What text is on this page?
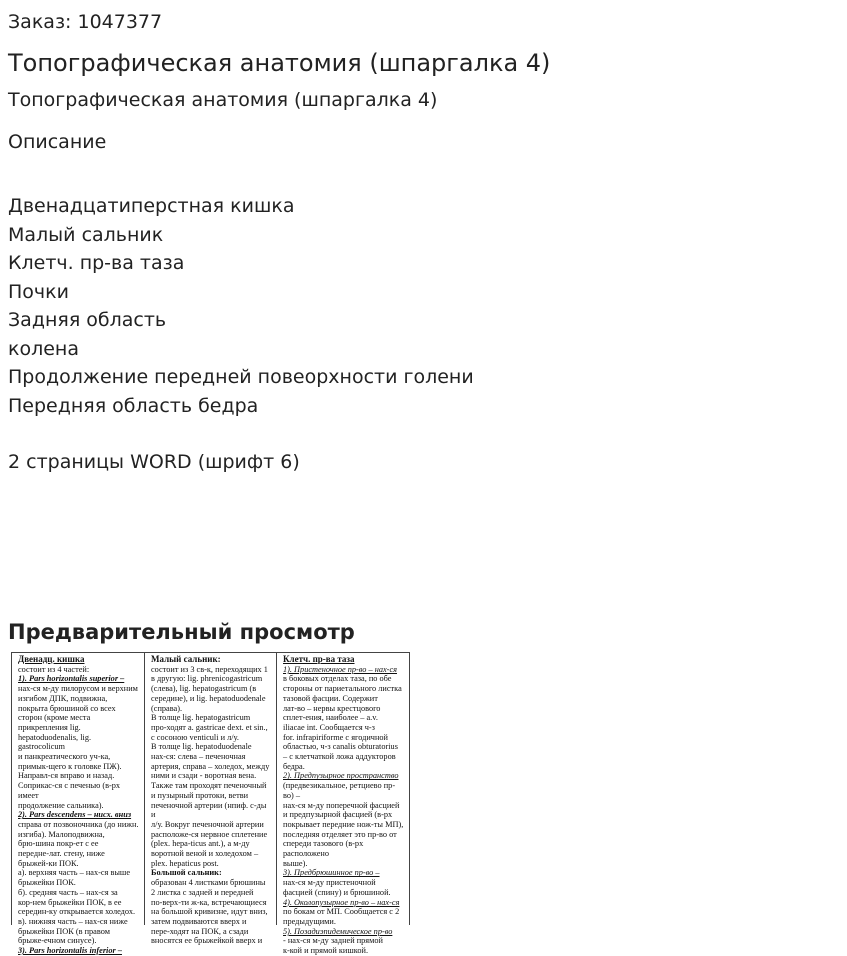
Заказ: 1047377
Топографическая анатомия (шпаргалка 4)
Топографическая анатомия (шпаргалка 4)
Описание
Двенадцатиперстная кишка
Малый сальник
Клетч. пр-ва таза
Почки
Задняя область
колена
Продолжение передней повеорхности голени
Передняя область бедра
2 страницы WORD (шрифт 6)
Предварительный просмотр

Двенадц. кишка

состоит из 4 частей:

1). Pars horizontalis superior –

нах-ся м-ду пилорусом и верхним

изгибом ДПК, подвижна,

покрыта брюшиной со всех

сторон (кроме места

прикрепления lig.

hepatoduodenalis, lig. gastrocolicum

и панкреатического уч-ка,

примык-щего к головке ПЖ).

Направл-ся вправо и назад.

Соприкас-ся с печенью (в-рх имеет

продолжение сальника).

2). Pars descendens – нисх. вниз

справа от позвоночника (до нижн.

изгиба). Малоподвижна,

брю-шина покр-ет с ее

передне-лат. стену, ниже

брыжей-ки ПОК.

а). верхняя часть – нах-ся выше

брыжейки ПОК.

б). средняя часть – нах-ся за

кор-нем брыжейки ПОК, в ее

середин-ку открывается холедох.

в). нижняя часть – нах-ся ниже

брыжейки ПОК (в правом

брыже-ечном синусе).

3). Pars horizontalis inferior –

Малый сальник:

состоит из 3 св-к, переходящих 1

в другую: lig. phrenicogastricum

(слева), lig. hepatogastricum (в

середине), и lig. hepatoduodenale

(справа).

В толще lig. hepatogastricum

про-ходят a. gastricae dext. et sin.,

с сосоною venticuli и л/у.

В толще lig. hepatoduodenale

нах-ся: слева – печеночная

артерия, справа – холедох, между

ними и сзади - воротная вена.

Также там проходят печеночный

и пузырный протоки, ветви

печеночной артерии (нпиф. с-ды и

л/у. Вокруг печеночной артерии

расположе-ся нервное сплетение

(plex. hepa-ticus ant.), а м-ду

воротной веной и холедохом –

plex. hepaticus post.

Большой сальник:

образован 4 листками брюшины

2 листка с задней и передней

по-верх-ти ж-ка, встречающиеся

на большой кривизне, идут вниз,

затем подвиваются вверх и

пере-ходят на ПОК, а сзади

вносятся ее брыжейкой вверх и

Клетч. пр-ва таза

1). Пристеночное пр-во – нах-ся

в боковых отделах таза, по обе

стороны от париетального листка

тазовой фасции. Содержит

лат-во – нервы крестцового

сплет-ения, наиболее – а.v.

iliacae int. Сообщается ч-з

for. infrapiriforme с ягодичной

областью, ч-з canalis obturatorius

– с клетчаткой ложа аддукторов

бедра.

2). Предпузырное пространство

(предвезикальное, ретциево пр-во) –

нах-ся м-ду поперечной фасцией

и предпузырной фасцией (в-рх

покрывает передние нож-ты МП),

последняя отделяет это пр-во от

спереди тазового (в-рх расположено

выше).

3). Предбрюшинное пр-во –

нах-ся м-ду пристеночной

фасцией (спину) и брюшиной.

4). Околопузырное пр-во – нах-ся

по бокам от МП. Сообщается с 2

предыдущими.

5). Позадиэпидемическое пр-во

- нах-ся м-ду задней прямой

к-кой и прямой кишкой.
